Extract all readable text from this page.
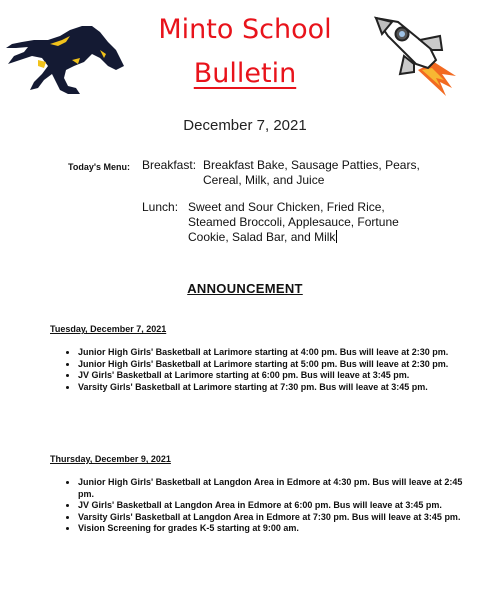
Minto School
Bulletin
December 7, 2021
Today's Menu: Breakfast: Breakfast Bake, Sausage Patties, Pears, Cereal, Milk, and Juice
Lunch: Sweet and Sour Chicken, Fried Rice, Steamed Broccoli, Applesauce, Fortune Cookie, Salad Bar, and Milk
ANNOUNCEMENT
Tuesday, December 7, 2021
• Junior High Girls' Basketball at Larimore starting at 4:00 pm. Bus will leave at 2:30 pm.
• Junior High Girls' Basketball at Larimore starting at 5:00 pm. Bus will leave at 2:30 pm.
• JV Girls' Basketball at Larimore starting at 6:00 pm. Bus will leave at 3:45 pm.
• Varsity Girls' Basketball at Larimore starting at 7:30 pm. Bus will leave at 3:45 pm.
Thursday, December 9, 2021
• Junior High Girls' Basketball at Langdon Area in Edmore at 4:30 pm. Bus will leave at 2:45 pm.
• JV Girls' Basketball at Langdon Area in Edmore at 6:00 pm. Bus will leave at 3:45 pm.
• Varsity Girls' Basketball at Langdon Area in Edmore at 7:30 pm. Bus will leave at 3:45 pm.
• Vision Screening for grades K-5 starting at 9:00 am.
